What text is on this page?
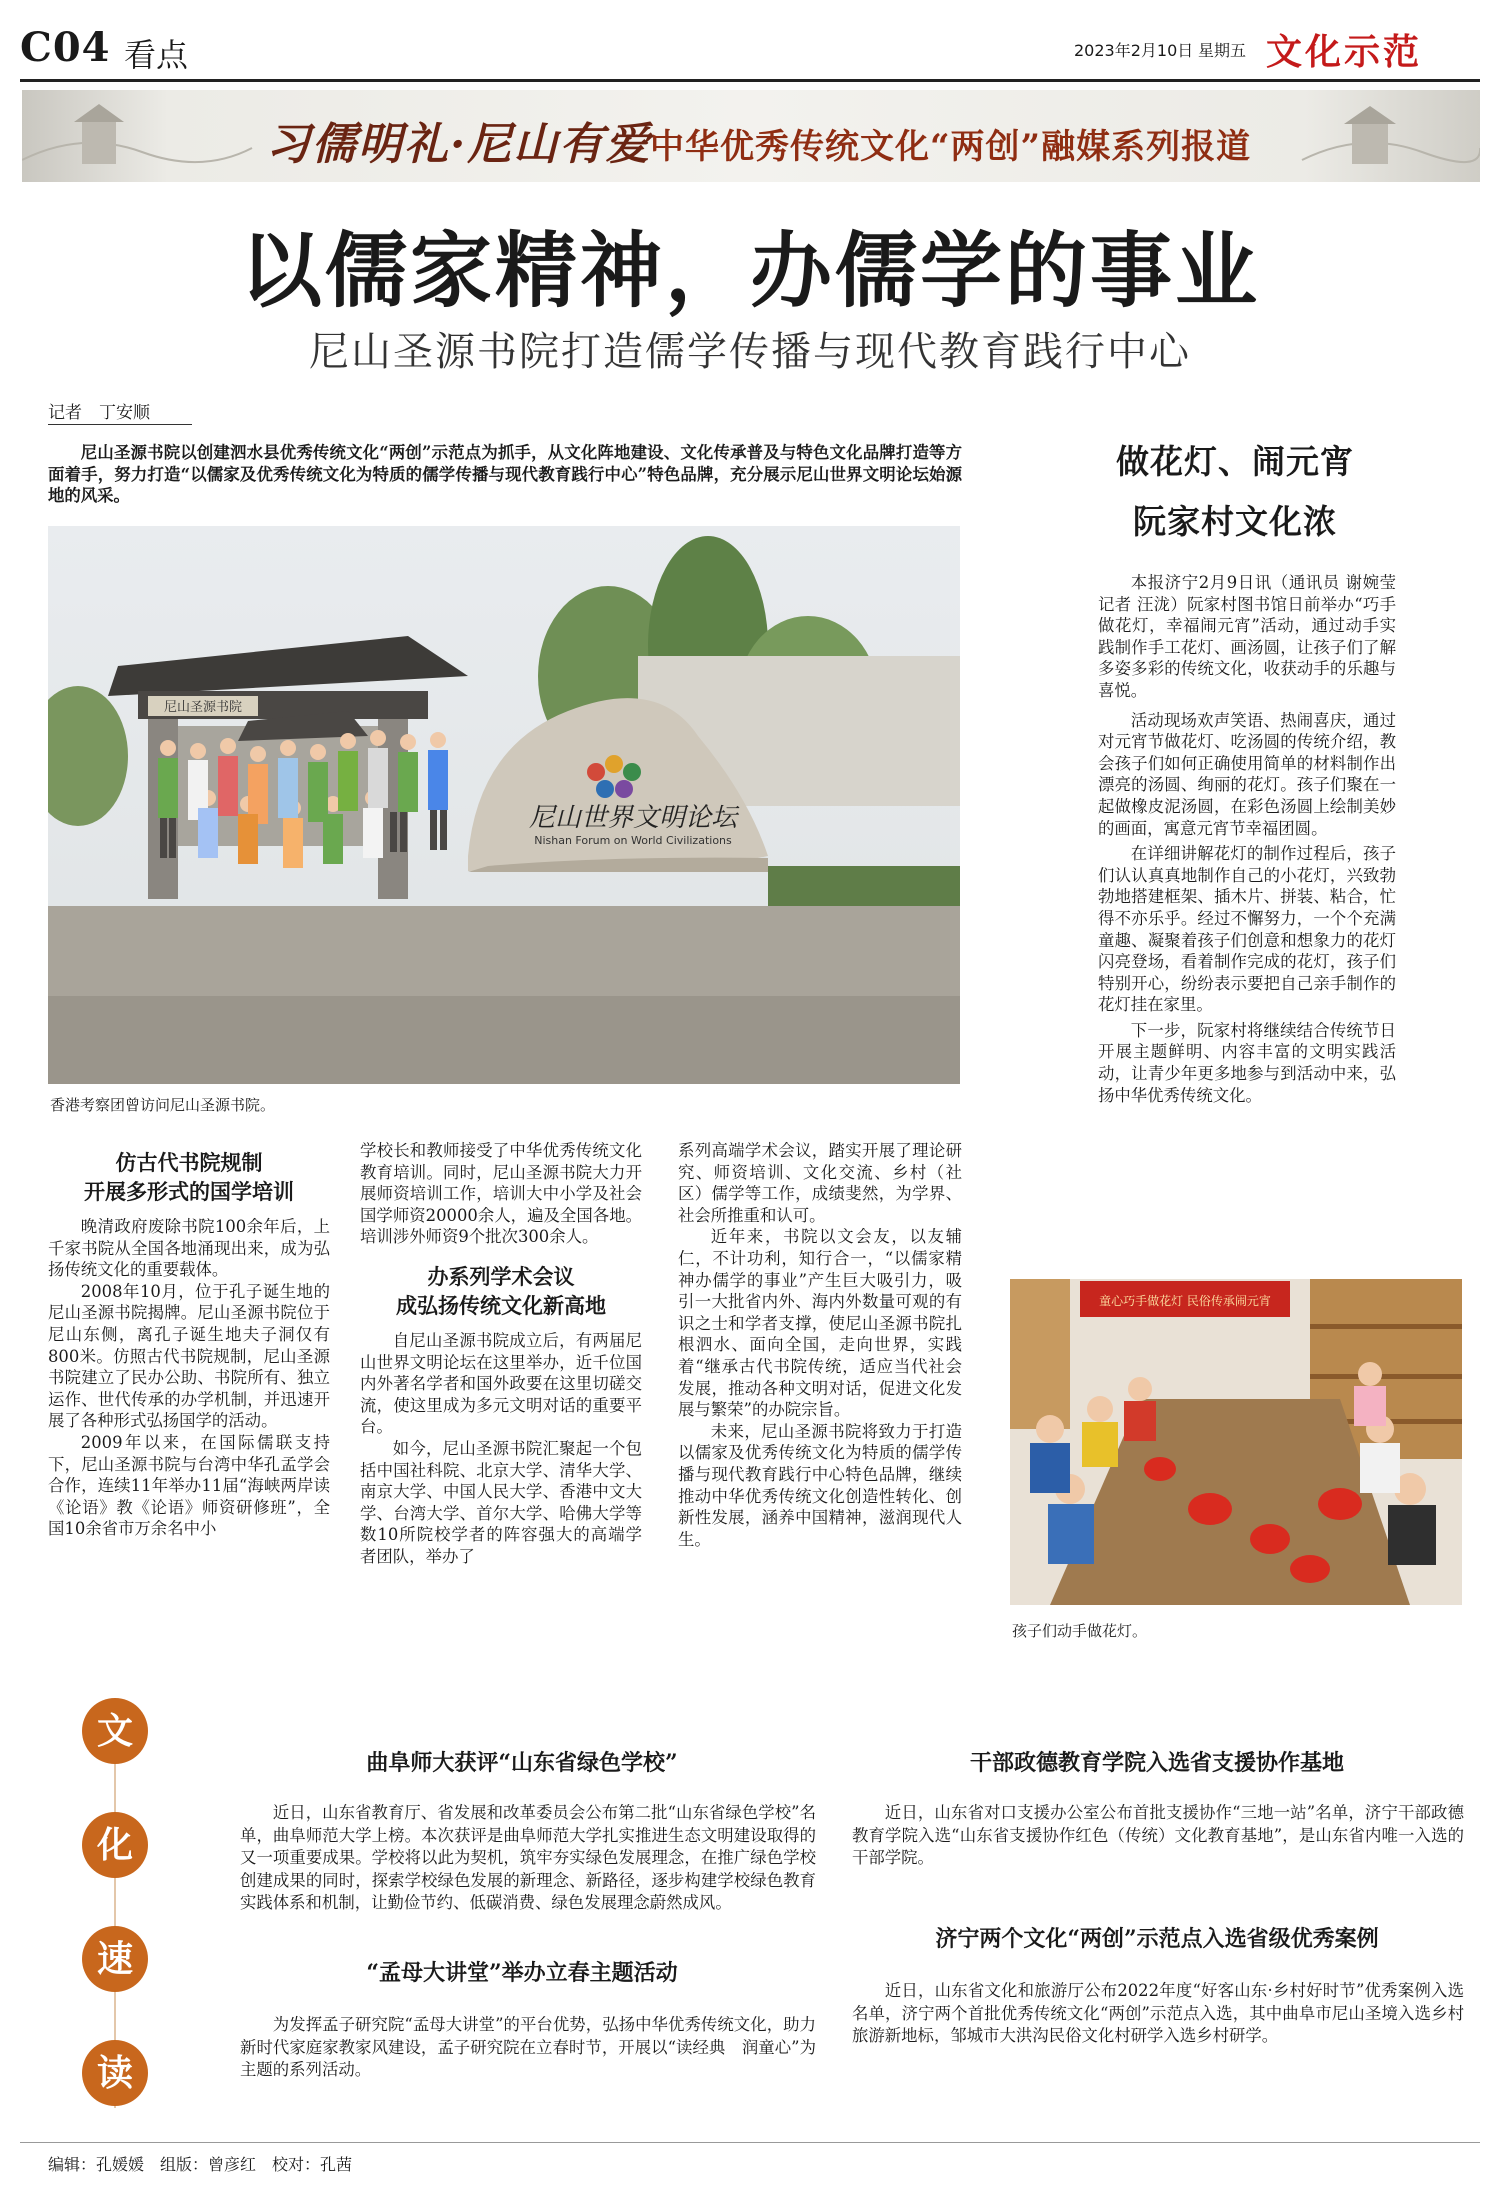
C04 看点	2023年2月10日 星期五 文化示范
习儒明礼·尼山有爱
中华优秀传统文化“两创”融媒系列报道
以儒家精神，办儒学的事业
尼山圣源书院打造儒学传播与现代教育践行中心
记者　丁安顺

尼山圣源书院以创建泗水县优秀传统文化“两创”示范点为抓手，从文化阵地建设、文化传承普及与特色文化品牌打造等方面着手，努力打造“以儒家及优秀传统文化为特质的儒学传播与现代教育践行中心”特色品牌，充分展示尼山世界文明论坛始源地的风采。

尼山圣源书院
尼山世界文明论坛
Nishan Forum on World Civilizations
香港考察团曾访问尼山圣源书院。
仿古代书院规制
开展多形式的国学培训

晚清政府废除书院100余年后，上千家书院从全国各地涌现出来，成为弘扬传统文化的重要载体。

2008年10月，位于孔子诞生地的尼山圣源书院揭牌。尼山圣源书院位于尼山东侧，离孔子诞生地夫子洞仅有800米。仿照古代书院规制，尼山圣源书院建立了民办公助、书院所有、独立运作、世代传承的办学机制，并迅速开展了各种形式弘扬国学的活动。

2009年以来，在国际儒联支持下，尼山圣源书院与台湾中华孔孟学会合作，连续11年举办11届“海峡两岸读《论语》教《论语》师资研修班”，全国10余省市万余名中小

学校长和教师接受了中华优秀传统文化教育培训。同时，尼山圣源书院大力开展师资培训工作，培训大中小学及社会国学师资20000余人，遍及全国各地。培训涉外师资9个批次300余人。

办系列学术会议
成弘扬传统文化新高地

自尼山圣源书院成立后，有两届尼山世界文明论坛在这里举办，近千位国内外著名学者和国外政要在这里切磋交流，使这里成为多元文明对话的重要平台。

如今，尼山圣源书院汇聚起一个包括中国社科院、北京大学、清华大学、南京大学、中国人民大学、香港中文大学、台湾大学、首尔大学、哈佛大学等数10所院校学者的阵容强大的高端学者团队，举办了

系列高端学术会议，踏实开展了理论研究、师资培训、文化交流、乡村（社区）儒学等工作，成绩斐然，为学界、社会所推重和认可。

近年来，书院以文会友，以友辅仁，不计功利，知行合一，“以儒家精神办儒学的事业”产生巨大吸引力，吸引一大批省内外、海内外数量可观的有识之士和学者支撑，使尼山圣源书院扎根泗水、面向全国，走向世界，实践着“继承古代书院传统，适应当代社会发展，推动各种文明对话，促进文化发展与繁荣”的办院宗旨。

未来，尼山圣源书院将致力于打造以儒家及优秀传统文化为特质的儒学传播与现代教育践行中心特色品牌，继续推动中华优秀传统文化创造性转化、创新性发展，涵养中国精神，滋润现代人生。

做花灯、闹元宵
阮家村文化浓

本报济宁2月9日讯（通讯员 谢婉莹 记者 汪泷）阮家村图书馆日前举办“巧手做花灯，幸福闹元宵”活动，通过动手实践制作手工花灯、画汤圆，让孩子们了解多姿多彩的传统文化，收获动手的乐趣与喜悦。

活动现场欢声笑语、热闹喜庆，通过对元宵节做花灯、吃汤圆的传统介绍，教会孩子们如何正确使用简单的材料制作出漂亮的汤圆、绚丽的花灯。孩子们聚在一起做橡皮泥汤圆，在彩色汤圆上绘制美妙的画面，寓意元宵节幸福团圆。

在详细讲解花灯的制作过程后，孩子们认认真真地制作自己的小花灯，兴致勃勃地搭建框架、插木片、拼装、粘合，忙得不亦乐乎。经过不懈努力，一个个充满童趣、凝聚着孩子们创意和想象力的花灯闪亮登场，看着制作完成的花灯，孩子们特别开心，纷纷表示要把自己亲手制作的花灯挂在家里。

下一步，阮家村将继续结合传统节日开展主题鲜明、内容丰富的文明实践活动，让青少年更多地参与到活动中来，弘扬中华优秀传统文化。

童心巧手做花灯 民俗传承闹元宵
孩子们动手做花灯。
文
化
速
读
曲阜师大获评“山东省绿色学校”

近日，山东省教育厅、省发展和改革委员会公布第二批“山东省绿色学校”名单，曲阜师范大学上榜。本次获评是曲阜师范大学扎实推进生态文明建设取得的又一项重要成果。学校将以此为契机，筑牢夯实绿色发展理念，在推广绿色学校创建成果的同时，探索学校绿色发展的新理念、新路径，逐步构建学校绿色教育实践体系和机制，让勤俭节约、低碳消费、绿色发展理念蔚然成风。

“孟母大讲堂”举办立春主题活动

为发挥孟子研究院“孟母大讲堂”的平台优势，弘扬中华优秀传统文化，助力新时代家庭家教家风建设，孟子研究院在立春时节，开展以“读经典　润童心”为主题的系列活动。

干部政德教育学院入选省支援协作基地

近日，山东省对口支援办公室公布首批支援协作“三地一站”名单，济宁干部政德教育学院入选“山东省支援协作红色（传统）文化教育基地”，是山东省内唯一入选的干部学院。

济宁两个文化“两创”示范点入选省级优秀案例

近日，山东省文化和旅游厅公布2022年度“好客山东·乡村好时节”优秀案例入选名单，济宁两个首批优秀传统文化“两创”示范点入选，其中曲阜市尼山圣境入选乡村旅游新地标，邹城市大洪沟民俗文化村研学入选乡村研学。

编辑：孔媛媛　组版：曾彦红　校对：孔茜
